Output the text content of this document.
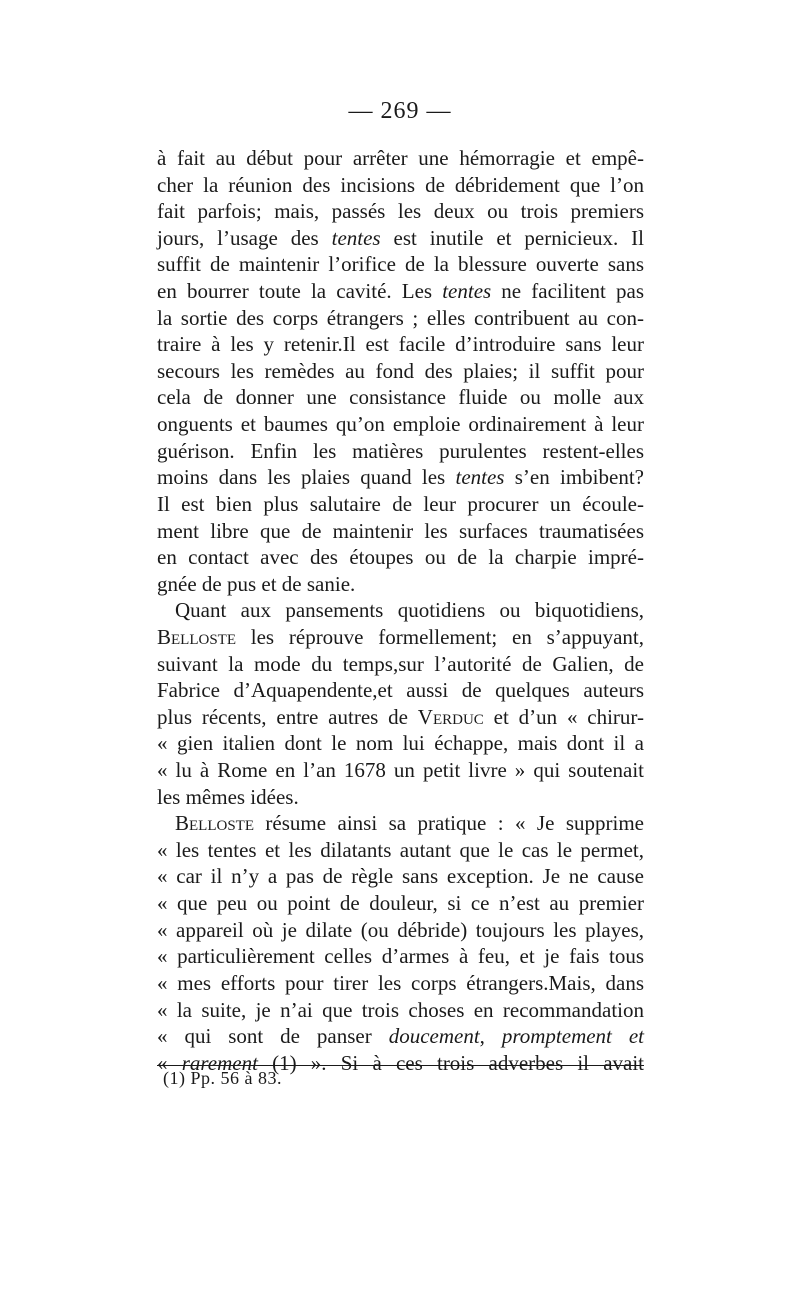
— 269 —
à fait au début pour arrêter une hémorragie et empê-
cher la réunion des incisions de débridement que l’on
fait parfois; mais, passés les deux ou trois premiers
jours, l’usage des tentes est inutile et pernicieux. Il
suffit de maintenir l’orifice de la blessure ouverte sans
en bourrer toute la cavité. Les tentes ne facilitent pas
la sortie des corps étrangers ; elles contribuent au con-
traire à les y retenir.Il est facile d’introduire sans leur
secours les remèdes au fond des plaies; il suffit pour
cela de donner une consistance fluide ou molle aux
onguents et baumes qu’on emploie ordinairement à leur
guérison. Enfin les matières purulentes restent-elles
moins dans les plaies quand les tentes s’en imbibent?
Il est bien plus salutaire de leur procurer un écoule-
ment libre que de maintenir les surfaces traumatisées
en contact avec des étoupes ou de la charpie impré-
gnée de pus et de sanie.
Quant aux pansements quotidiens ou biquotidiens,
Belloste les réprouve formellement; en s’appuyant,
suivant la mode du temps,sur l’autorité de Galien, de
Fabrice d’Aquapendente,et aussi de quelques auteurs
plus récents, entre autres de Verduc et d’un « chirur-
« gien italien dont le nom lui échappe, mais dont il a
« lu à Rome en l’an 1678 un petit livre » qui soutenait
les mêmes idées.
Belloste résume ainsi sa pratique : « Je supprime
« les tentes et les dilatants autant que le cas le permet,
« car il n’y a pas de règle sans exception. Je ne cause
« que peu ou point de douleur, si ce n’est au premier
« appareil où je dilate (ou débride) toujours les playes,
« particulièrement celles d’armes à feu, et je fais tous
« mes efforts pour tirer les corps étrangers.Mais, dans
« la suite, je n’ai que trois choses en recommandation
« qui sont de panser doucement, promptement et
« rarement (1) ». Si à ces trois adverbes il avait
(1) Pp. 56 à 83.
